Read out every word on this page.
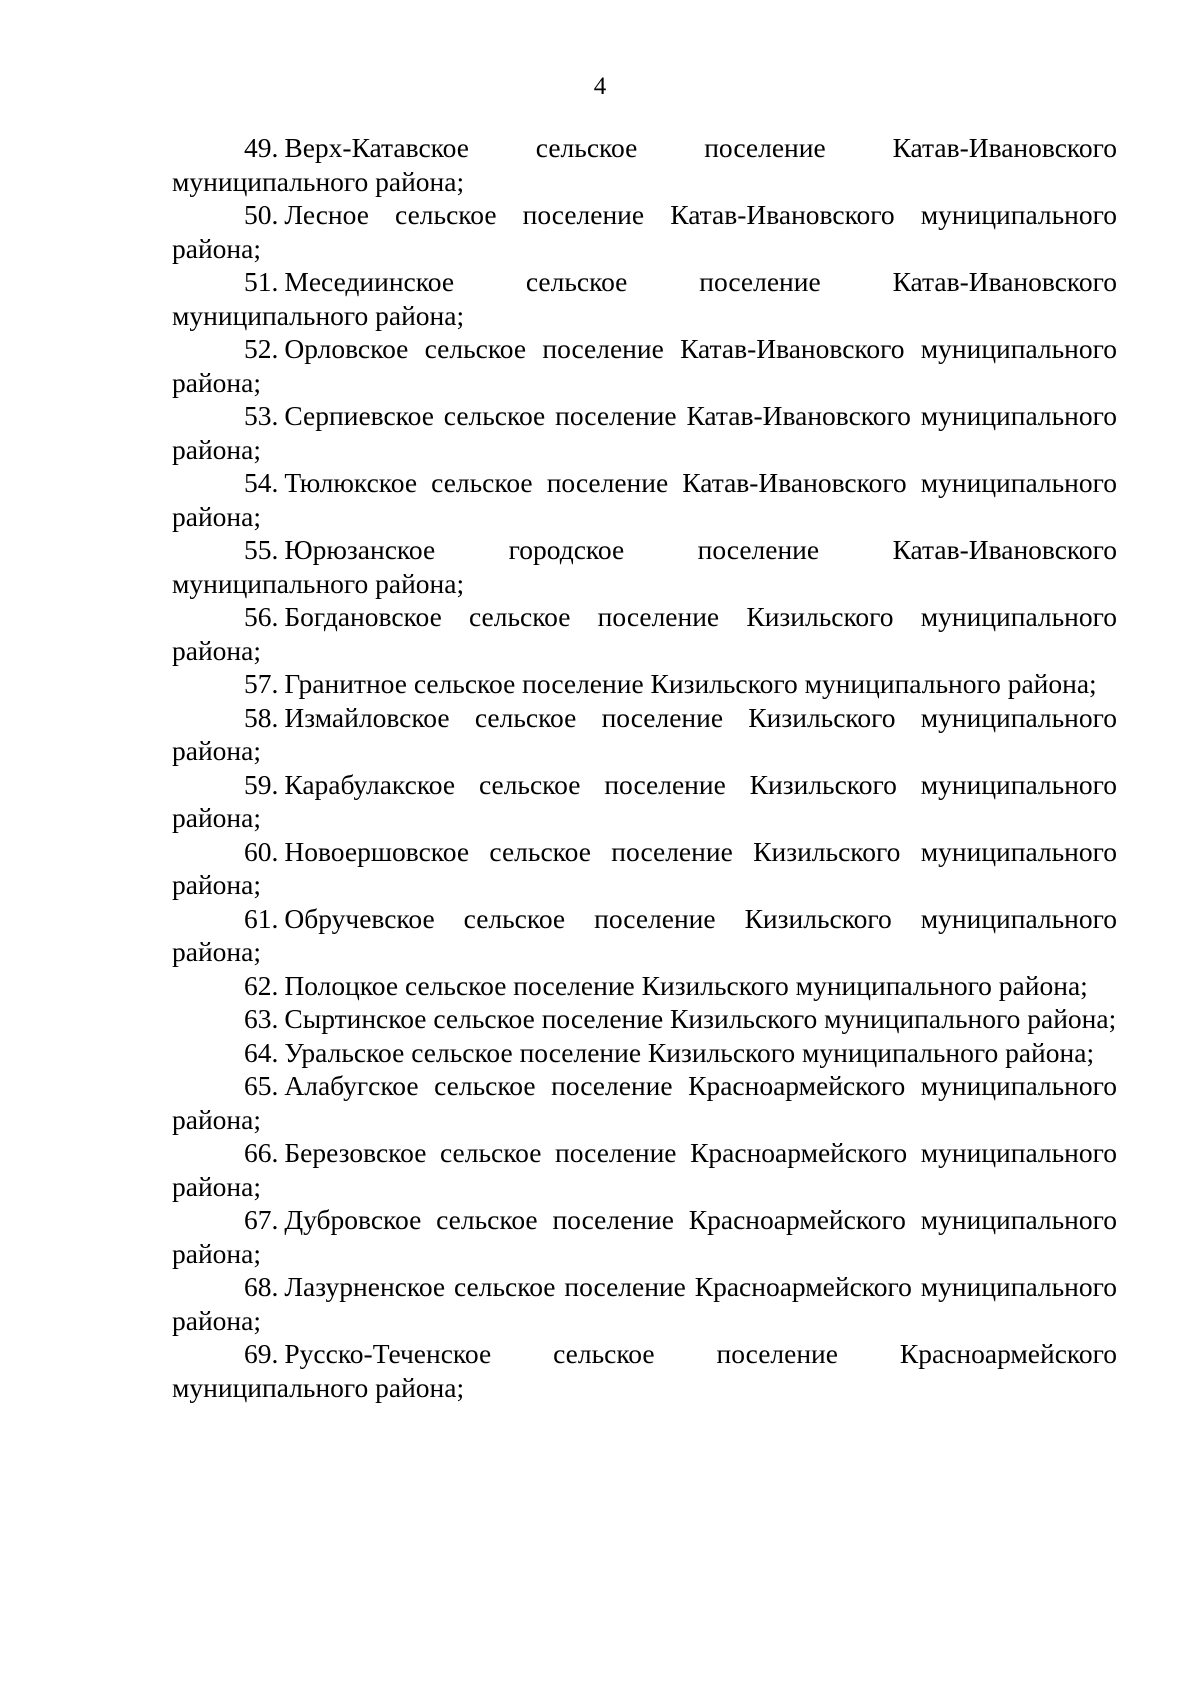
4
49. Верх-Катавское сельское поселение Катав-Ивановского муниципального района;
50. Лесное сельское поселение Катав-Ивановского муниципального района;
51. Мeседиинское сельское поселение Катав-Ивановского муниципального района;
52. Орловское сельское поселение Катав-Ивановского муниципального района;
53. Серпиевское сельское поселение Катав-Ивановского муниципального района;
54. Тюлюкское сельское поселение Катав-Ивановского муниципального района;
55. Юрюзанское городское поселение Катав-Ивановского муниципального района;
56. Богдановское сельское поселение Кизильского муниципального района;
57. Гранитное сельское поселение Кизильского муниципального района;
58. Измайловское сельское поселение Кизильского муниципального района;
59. Карабулакское сельское поселение Кизильского муниципального района;
60. Новоершовское сельское поселение Кизильского муниципального района;
61. Обручевское сельское поселение Кизильского муниципального района;
62. Полоцкое сельское поселение Кизильского муниципального района;
63. Сыртинское сельское поселение Кизильского муниципального района;
64. Уральское сельское поселение Кизильского муниципального района;
65. Алабугское сельское поселение Красноармейского муниципального района;
66. Березовское сельское поселение Красноармейского муниципального района;
67. Дубровское сельское поселение Красноармейского муниципального района;
68. Лазурненское сельское поселение Красноармейского муниципального района;
69. Русско-Теченское сельское поселение Красноармейского муниципального района;
